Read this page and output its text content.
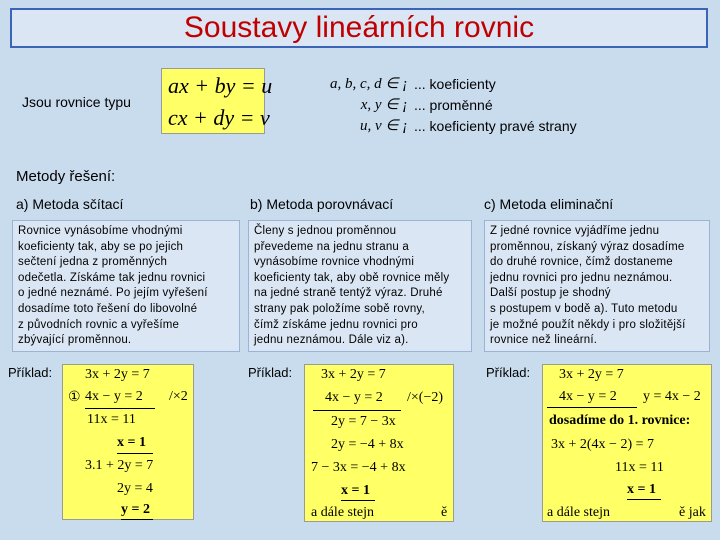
Soustavy lineárních rovnic
Jsou rovnice typu
ax + by = u
cx + dy = v
a, b, c, d ∈ ¡
x, y ∈ ¡
u, v ∈ ¡
... koeficienty
... proměnné
... koeficienty pravé strany
Metody řešení:
a) Metoda sčítací
Rovnice vynásobíme vhodnými
koeficienty tak, aby se po jejich
sečtení jedna z proměnných
odečetla. Získáme tak jednu rovnici
o jedné neznámé. Po jejím vyřešení
dosadíme toto řešení do libovolné
z původních rovnic a vyřešíme
zbývající proměnnou.
Příklad: 3x + 2y = 7
① 4x − y = 2 /×2
11x = 11
x = 1
3.1 + 2y = 7
2y = 4
y = 2
b) Metoda porovnávací
Členy s jednou proměnnou
převedeme na jednu stranu a
vynásobíme rovnice vhodnými
koeficienty tak, aby obě rovnice měly
na jedné straně tentýž výraz. Druhé
strany pak položíme sobě rovny,
čímž získáme jednu rovnici pro
jednu neznámou. Dále viz a).
Příklad: 3x + 2y = 7
4x − y = 2 /×(−2)
2y = 7 − 3x
2y = −4 + 8x
7 − 3x = −4 + 8x
x = 1
a dále stejn	ě
c) Metoda eliminační
Z jedné rovnice vyjádříme jednu
proměnnou, získaný výraz dosadíme
do druhé rovnice, čímž dostaneme
jednu rovnici pro jednu neznámou.
Další postup je shodný
s postupem v bodě a). Tuto metodu
je možné použít někdy i pro složitější
rovnice než lineární.
Příklad: 3x + 2y = 7
4x − y = 2 y = 4x − 2
dosadíme do 1. rovnice:
3x + 2(4x − 2) = 7
11x = 11
x = 1
a dále stejn	ě jak
